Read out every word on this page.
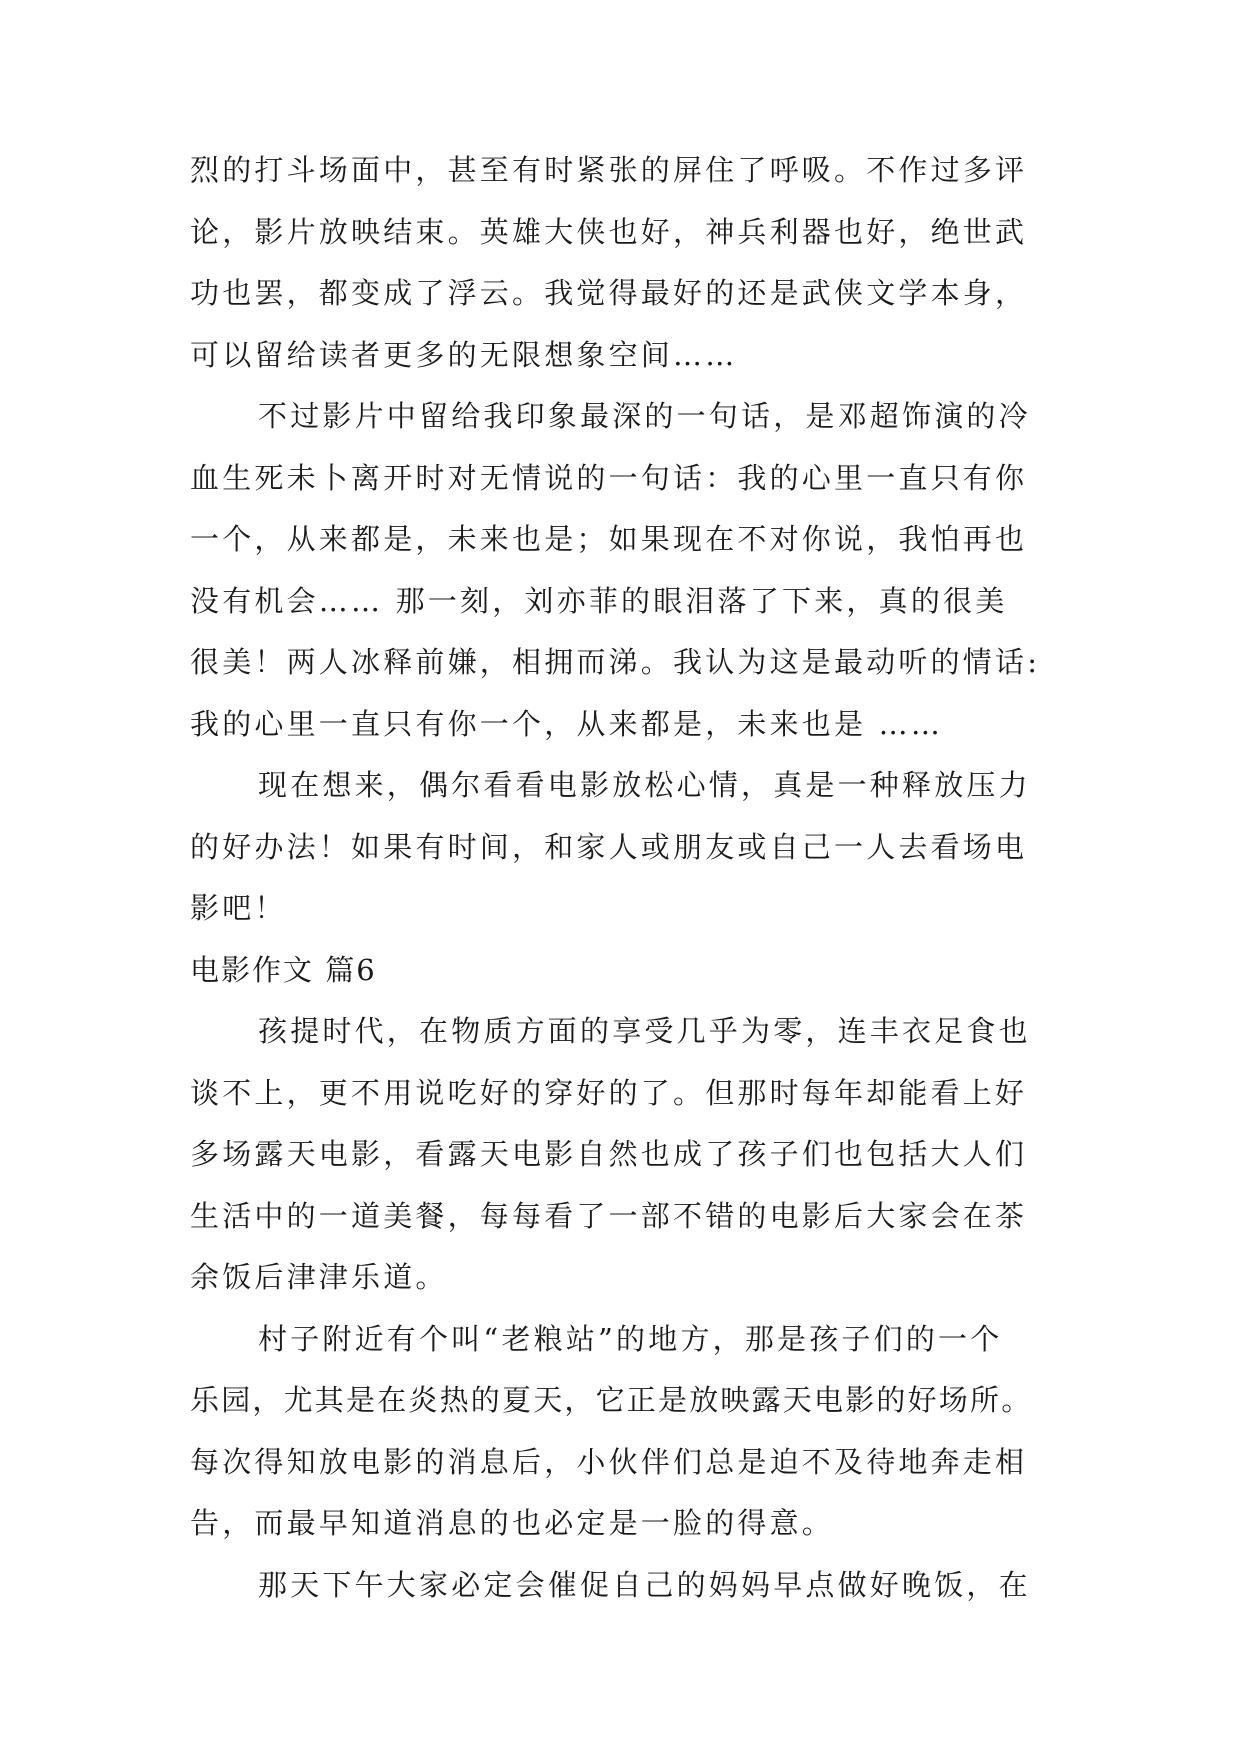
烈的打斗场面中，甚至有时紧张的屏住了呼吸。不作过多评
论，影片放映结束。英雄大侠也好，神兵利器也好，绝世武
功也罢，都变成了浮云。我觉得最好的还是武侠文学本身，
可以留给读者更多的无限想象空间……
不过影片中留给我印象最深的一句话，是邓超饰演的冷
血生死未卜离开时对无情说的一句话：我的心里一直只有你
一个，从来都是，未来也是；如果现在不对你说，我怕再也
没有机会…… 那一刻，刘亦菲的眼泪落了下来，真的很美
很美！两人冰释前嫌，相拥而涕。我认为这是最动听的情话:
我的心里一直只有你一个，从来都是，未来也是 ……
现在想来，偶尔看看电影放松心情，真是一种释放压力
的好办法！如果有时间，和家人或朋友或自己一人去看场电
影吧！
电影作文 篇6
孩提时代，在物质方面的享受几乎为零，连丰衣足食也
谈不上，更不用说吃好的穿好的了。但那时每年却能看上好
多场露天电影，看露天电影自然也成了孩子们也包括大人们
生活中的一道美餐，每每看了一部不错的电影后大家会在茶
余饭后津津乐道。
村子附近有个叫“老粮站”的地方，那是孩子们的一个
乐园，尤其是在炎热的夏天，它正是放映露天电影的好场所。
每次得知放电影的消息后，小伙伴们总是迫不及待地奔走相
告，而最早知道消息的也必定是一脸的得意。
那天下午大家必定会催促自己的妈妈早点做好晚饭，在
